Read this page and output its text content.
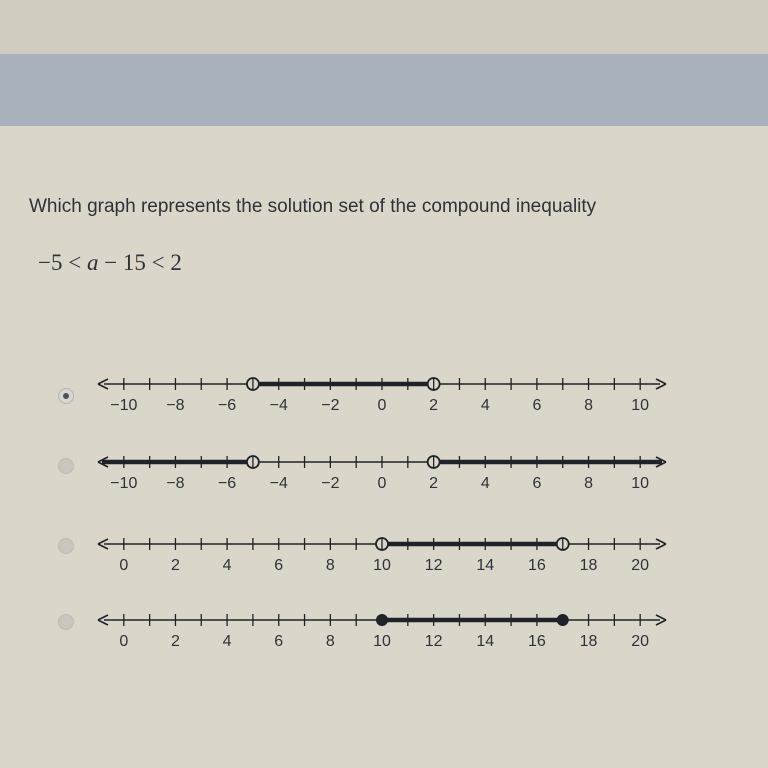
Which graph represents the solution set of the compound inequality
−5 < a − 15 < 2
−10 −8 −6 −4 −2 0	2	4	6	8 10
−10 −8 −6 −4 −2 0	2	4	6	8 10
0	2	4	6	8 10 12 14 16 18 20
0	2	4	6	8 10 12 14 16 18 20
